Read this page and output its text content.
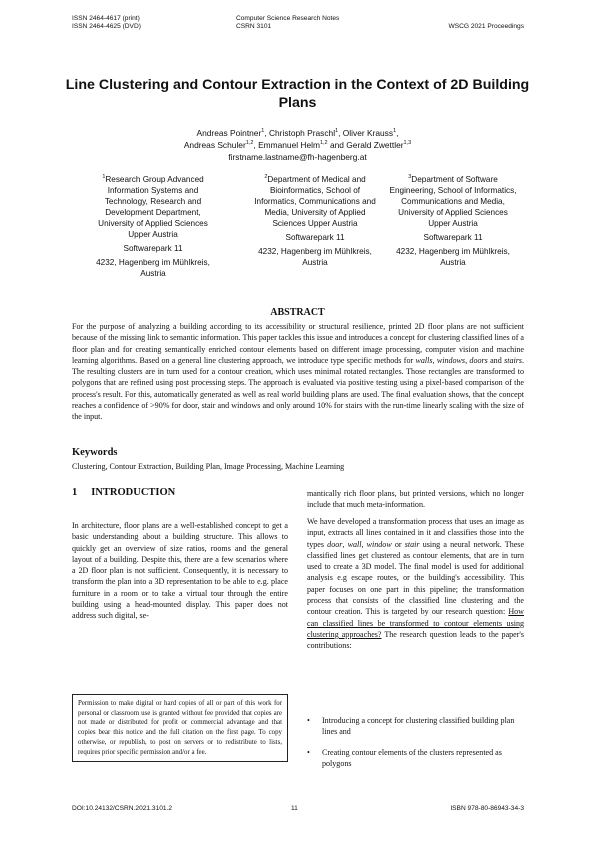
ISSN 2464-4617 (print)
ISSN 2464-4625 (DVD)
Computer Science Research Notes
CSRN 3101	WSCG 2021 Proceedings
Line Clustering and Contour Extraction in the Context of 2D Building Plans
Andreas Pointner$^1$, Christoph Praschl$^1$, Oliver Krauss$^1$,
Andreas Schuler$^{1,2}$, Emmanuel Helm$^{1,2}$ and Gerald Zwettler$^{1,3}$
firstname.lastname@fh-hagenberg.at

$^1$Research Group Advanced Information Systems and Technology, Research and Development Department, University of Applied Sciences Upper Austria

Softwarepark 11

4232, Hagenberg im Mühlkreis, Austria

$^2$Department of Medical and Bioinformatics, School of Informatics, Communications and Media, University of Applied Sciences Upper Austria

Softwarepark 11

4232, Hagenberg im Mühlkreis, Austria

$^3$Department of Software Engineering, School of Informatics, Communications and Media, University of Applied Sciences Upper Austria

Softwarepark 11

4232, Hagenberg im Mühlkreis, Austria

ABSTRACT
For the purpose of analyzing a building according to its accessibility or structural resilience, printed 2D floor plans are not sufficient because of the missing link to semantic information. This paper tackles this issue and introduces a concept for clustering classified lines of a floor plan and for creating semantically enriched contour elements based on different image processing, computer vision and machine learning algorithms. Based on a general line clustering approach, we introduce type specific methods for walls, windows, doors and stairs. The resulting clusters are in turn used for a contour creation, which uses minimal rotated rectangles. Those rectangles are transformed to polygons that are refined using post processing steps. The approach is evaluated via positive testing using a pixel-based comparison of the process's result. For this, automatically generated as well as real world building plans are used. The final evaluation shows, that the concept reaches a confidence of >90% for door, stair and windows and only around 10% for stairs with the run-time linearly scaling with the size of the input.
Keywords
Clustering, Contour Extraction, Building Plan, Image Processing, Machine Learning
1 INTRODUCTION

In architecture, floor plans are a well-established concept to get a basic understanding about a building structure. This allows to quickly get an overview of size ratios, rooms and the general layout of a building. Despite this, there are a few scenarios where a 2D floor plan is not sufficient. Consequently, it is necessary to transform the plan into a 3D representation to be able to e.g. place furniture in a room or to take a virtual tour through the entire building using a head-mounted display. This paper does not address such digital, se-

mantically rich floor plans, but printed versions, which no longer include that much meta-information.

We have developed a transformation process that uses an image as input, extracts all lines contained in it and classifies those into the types door, wall, window or stair using a neural network. These classified lines get clustered as contour elements, that are in turn used to create a 3D model. The final model is used for additional analysis e.g escape routes, or the building's accessibility. This paper focuses on one part in this pipeline; the transformation process that consists of the classified line clustering and the contour creation. This is targeted by our research question: How can classified lines be transformed to contour elements using clustering approaches? The research question leads to the paper's contributions:

• Introducing a concept for clustering classified building plan lines and
• Creating contour elements of the clusters represented as polygons
Permission to make digital or hard copies of all or part of this work for personal or classroom use is granted without fee provided that copies are not made or distributed for profit or commercial advantage and that copies bear this notice and the full citation on the first page. To copy otherwise, or republish, to post on servers or to redistribute to lists, requires prior specific permission and/or a fee.
DOI:10.24132/CSRN.2021.3101.2	11	ISBN 978-80-86943-34-3
